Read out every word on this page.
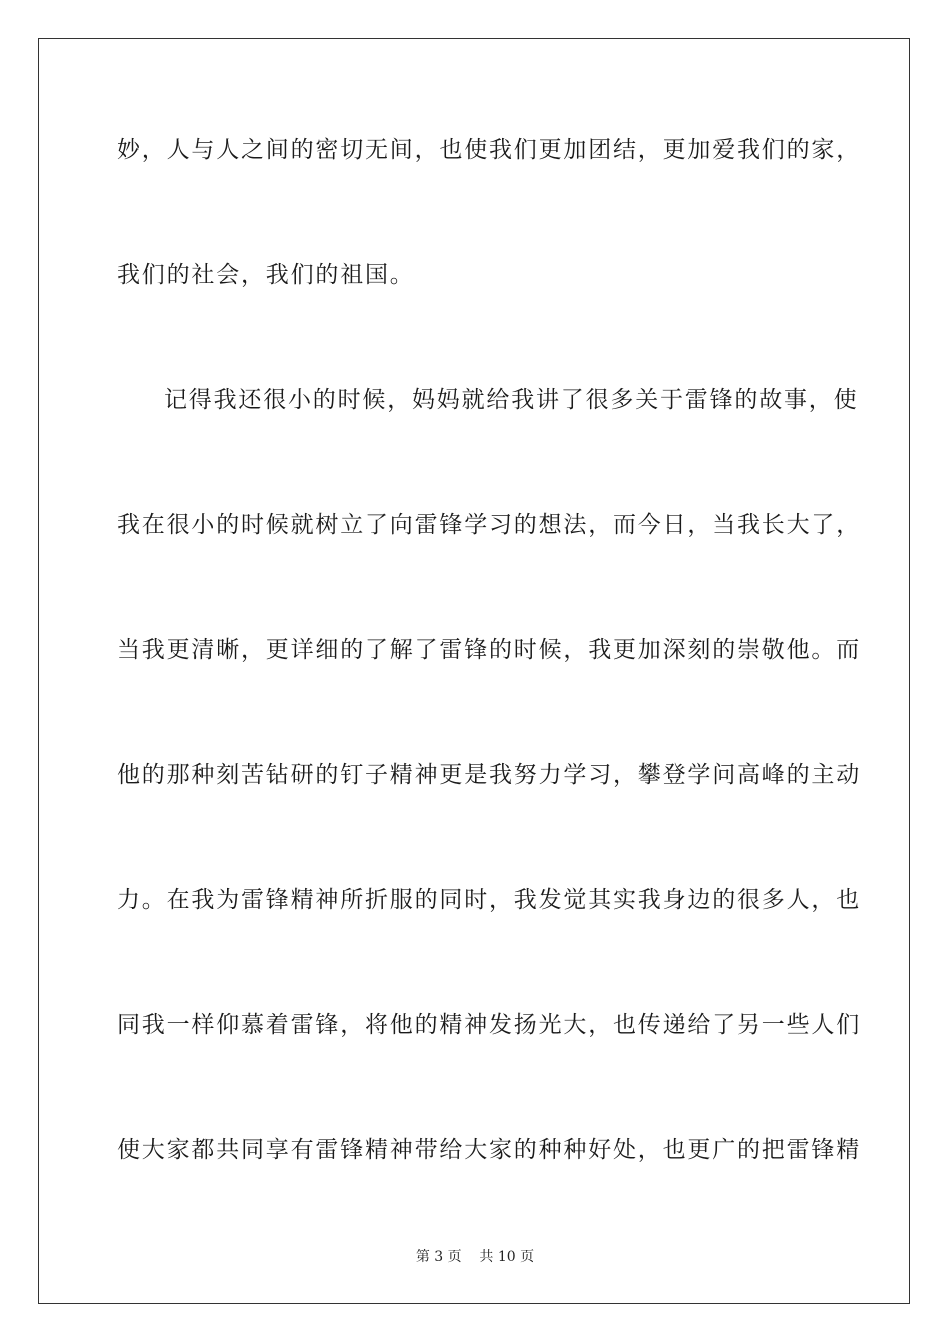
妙，人与人之间的密切无间，也使我们更加团结，更加爱我们的家，
我们的社会，我们的祖国。
记得我还很小的时候，妈妈就给我讲了很多关于雷锋的故事，使
我在很小的时候就树立了向雷锋学习的想法，而今日，当我长大了，
当我更清晰，更详细的了解了雷锋的时候，我更加深刻的崇敬他。而
他的那种刻苦钻研的钉子精神更是我努力学习，攀登学问高峰的主动
力。在我为雷锋精神所折服的同时，我发觉其实我身边的很多人，也
同我一样仰慕着雷锋，将他的精神发扬光大，也传递给了另一些人们
使大家都共同享有雷锋精神带给大家的种种好处，也更广的把雷锋精
第 3 页    共 10 页
